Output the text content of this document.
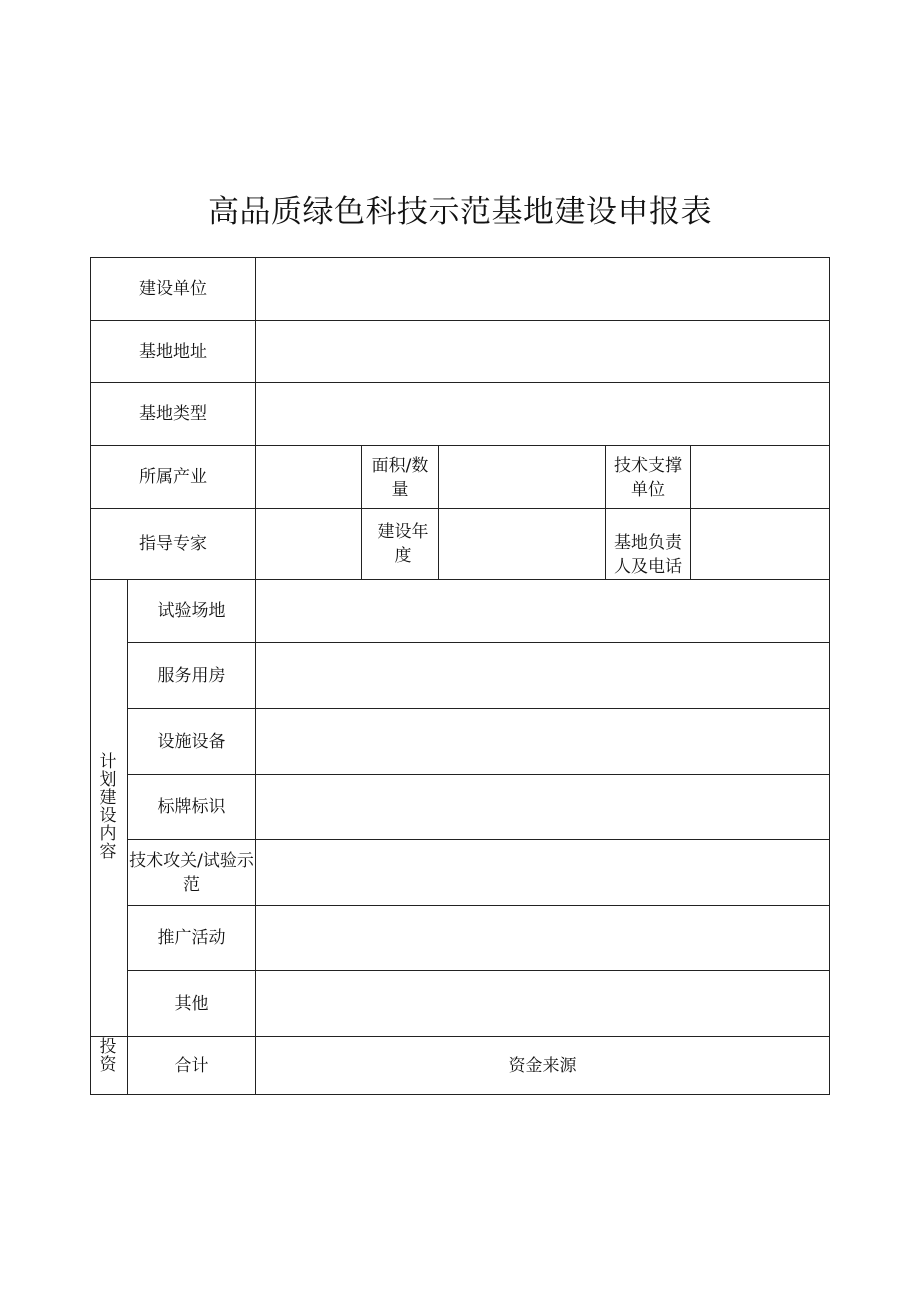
高品质绿色科技示范基地建设申报表
建设单位
基地地址
基地类型
所属产业
面积/数量
技术支撑单位
指导专家
建设年度
基地负责人及电话
计划建设内容
试验场地
服务用房
设施设备
标牌标识
技术攻关/试验示范
推广活动
其他
投资	合计	资金来源
